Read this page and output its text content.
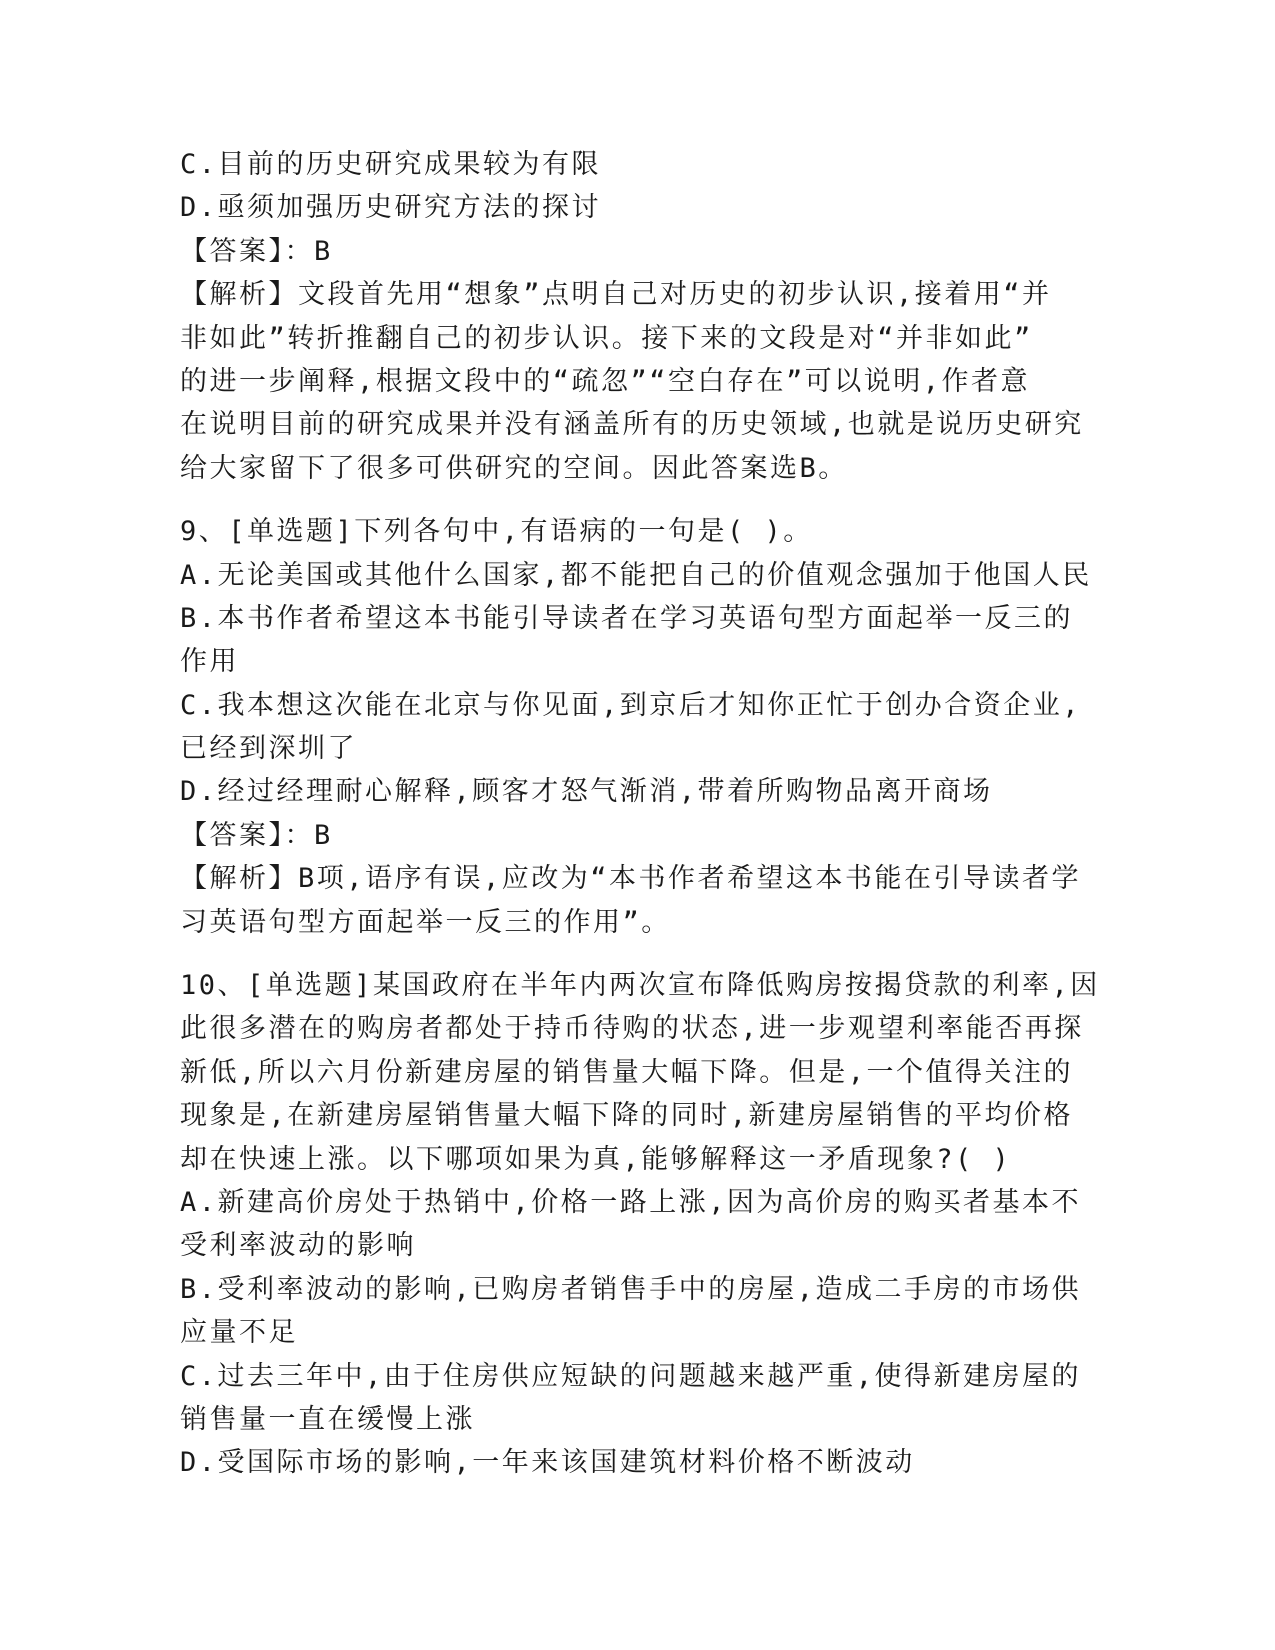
C.目前的历史研究成果较为有限
D.亟须加强历史研究方法的探讨
【答案】：B
【解析】文段首先用“想象”点明自己对历史的初步认识,接着用“并
非如此”转折推翻自己的初步认识。接下来的文段是对“并非如此”
的进一步阐释,根据文段中的“疏忽”“空白存在”可以说明,作者意
在说明目前的研究成果并没有涵盖所有的历史领域,也就是说历史研究
给大家留下了很多可供研究的空间。因此答案选B。
9、[单选题]下列各句中,有语病的一句是( )。
A.无论美国或其他什么国家,都不能把自己的价值观念强加于他国人民
B.本书作者希望这本书能引导读者在学习英语句型方面起举一反三的
作用
C.我本想这次能在北京与你见面,到京后才知你正忙于创办合资企业,
已经到深圳了
D.经过经理耐心解释,顾客才怒气渐消,带着所购物品离开商场
【答案】：B
【解析】B项,语序有误,应改为“本书作者希望这本书能在引导读者学
习英语句型方面起举一反三的作用”。
10、[单选题]某国政府在半年内两次宣布降低购房按揭贷款的利率,因
此很多潜在的购房者都处于持币待购的状态,进一步观望利率能否再探
新低,所以六月份新建房屋的销售量大幅下降。但是,一个值得关注的
现象是,在新建房屋销售量大幅下降的同时,新建房屋销售的平均价格
却在快速上涨。以下哪项如果为真,能够解释这一矛盾现象?( )
A.新建高价房处于热销中,价格一路上涨,因为高价房的购买者基本不
受利率波动的影响
B.受利率波动的影响,已购房者销售手中的房屋,造成二手房的市场供
应量不足
C.过去三年中,由于住房供应短缺的问题越来越严重,使得新建房屋的
销售量一直在缓慢上涨
D.受国际市场的影响,一年来该国建筑材料价格不断波动
